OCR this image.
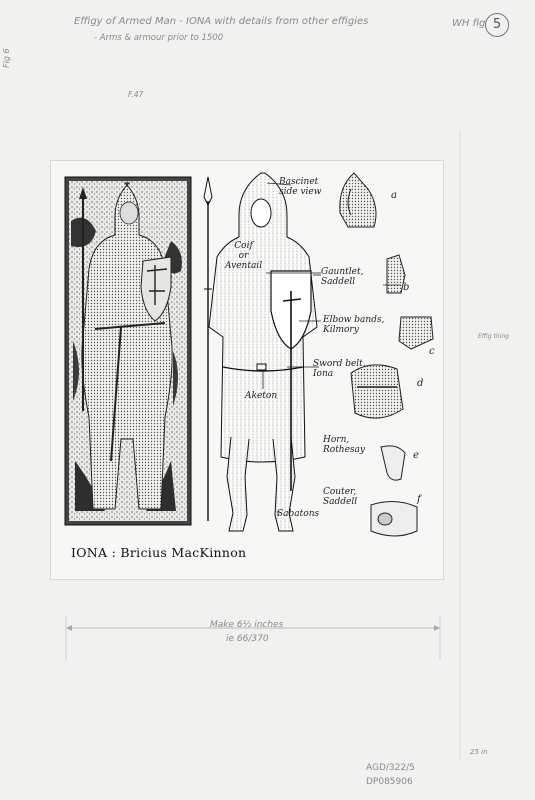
Effigy of Armed Man - IONA with details from other effigies
- Arms & armour prior to 1500
WH fig 5
Fig 6
F.47
Bascinet
side view
Coif
or
Aventail
Gauntlet,
Saddell
Elbow bands,
Kilmory
Sword belt,
Iona
Aketon
Horn,
Rothesay
Couter,
Saddell
Sabatons
a
b
c
d
e
f
IONA : Bricius MacKinnon
Make 6½ inches
ie 66/370
Effig thing
25 in
AGD/322/5
DP085906
